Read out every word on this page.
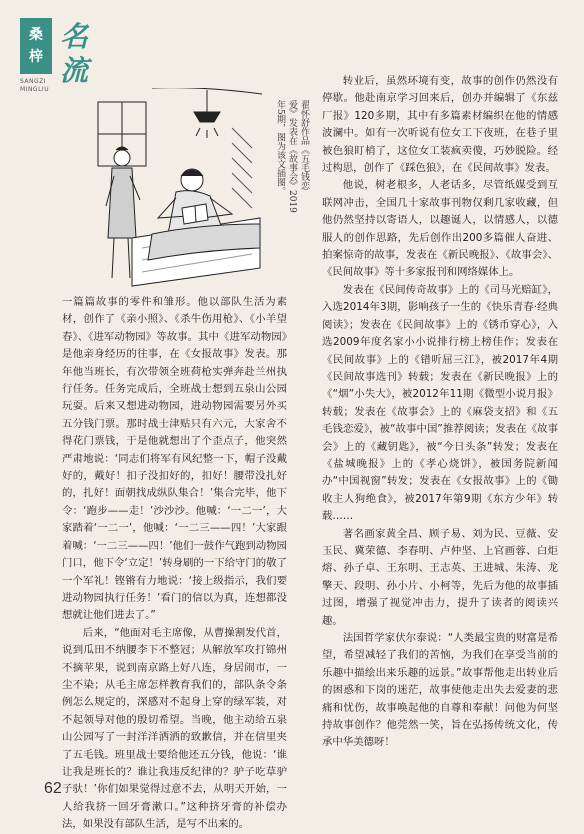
桑
梓
名
流
SANGZI
MINGLIU

翟怀舒作品《五毛钱恋

爱》发表在《故事会》2019

年5期，图为该文插图。

一篇篇故事的零件和雏形。他以部队生活为素材，创作了《亲小照》、《杀牛伤用枪》、《小羊望春》、《进军动物园》等故事。其中《进军动物园》是他亲身经历的往事，在《女报故事》发表。那年他当班长，有次带领全班荷枪实弹奔赴兰州执行任务。任务完成后，全班战士想到五泉山公园玩耍。后来又想进动物园，进动物园需要另外买五分钱门票。那时战士津贴只有六元，大家舍不得花门票钱，于是他就想出了个歪点子，他突然严肃地说：‘同志们将军有风纪整一下，帽子没戴好的，戴好！扣子没扣好的，扣好！腰带没扎好的，扎好！面朝找成纵队集合！’集合完毕，他下令：‘跑步——走！’沙沙沙。他喊：‘一二一’，大家踏着‘一二一’，他喊：‘一二三——四！’大家跟着喊：‘一二三——四！’他们一鼓作气跑到动物园门口，他下令‘立定！’转身刷的一下给守门的敬了一个军礼！铿锵有力地说：‘接上级指示，我们要进动物园执行任务！’看门的信以为真，连想都没想就让他们进去了。”

后来，“他面对毛主席像，从曹操割发代首，说到瓜田不纳腰李下不整冠；从解放军攻打锦州不摘苹果，说到南京路上好八连，身居闹市，一尘不染；从毛主席怎样教育我们的，部队条令条例怎么规定的，深感对不起身上穿的绿军装，对不起领导对他的殷切希望。当晚，他主动给五泉山公园写了一封洋洋洒洒的致歉信，并在信里夹了五毛钱。班里战士要给他还五分钱，他说：‘谁让我是班长的？谁让我违反纪律的？驴子吃草驴子驮！’你们如果觉得过意不去，从明天开始，一人给我挤一回牙膏漱口。”这种挤牙膏的补偿办法，如果没有部队生活，是写不出来的。

转业后，虽然环境有变，故事的创作仍然没有停歇。他赴南京学习回来后，创办并编辑了《东兹厂报》120多期，其中有多篇素材编织在他的情感波澜中。如有一次听说有位女工下夜班，在巷子里被色狼盯梢了，这位女工装疯卖傻，巧妙脱险。经过构思，创作了《踩色狼》，在《民间故事》发表。

他说，树老根多，人老话多，尽管纸媒受到互联网冲击，全国几十家故事刊物仅剩几家收藏，但他仍然坚持以寄语人，以趣诞人，以情感人，以德服人的创作思路，先后创作出200多篇催人奋进、拍案惊奇的故事，发表在《新民晚报》、《故事会》、《民间故事》等十多家报刊和网络媒体上。

发表在《民间传奇故事》上的《司马光赔缸》，入选2014年3期，影响孩子一生的《快乐青春·经典阅读》；发表在《民间故事》上的《锈币穿心》，入选2009年度名家小小说排行榜上榜佳作；发表在《民间故事》上的《错听屈三江》，被2017年4期《民间故事选刊》转载；发表在《新民晚报》上的《“烟”小失大》，被2012年11期《微型小说月报》转载；发表在《故事会》上的《麻袋支招》和《五毛钱恋爱》，被“故事中国”推荐阅读；发表在《故事会》上的《藏钥匙》，被“今日头条”转发；发表在《盐城晚报》上的《孝心烧饼》，被国务院新闻办“中国视窗”转发；发表在《女报故事》上的《锄收主人狗绝食》，被2017年第9期《东方少年》转载……

著名画家黄全昌、顾子易、刘为民、豆薇、安玉民、冀荣德、李春明、卢仲坚、上官画蓉、白炬熔、孙子卓、王东明、王志英、王进城、朱涛、龙擎天、段明、孙小片、小柯等，先后为他的故事插过图，增强了视觉冲击力，提升了读者的阅读兴趣。

法国哲学家伏尔泰说：“人类最宝贵的财富是希望，希望减轻了我们的苦恼，为我们在享受当前的乐趣中描绘出来乐趣的远景。”故事帮他走出转业后的困惑和下岗的迷茫，故事使他走出失去爱妻的悲痛和忧伤，故事唤起他的自尊和奉献！问他为何坚持故事创作？他莞然一笑，旨在弘扬传统文化，传承中华美德呀！

62
